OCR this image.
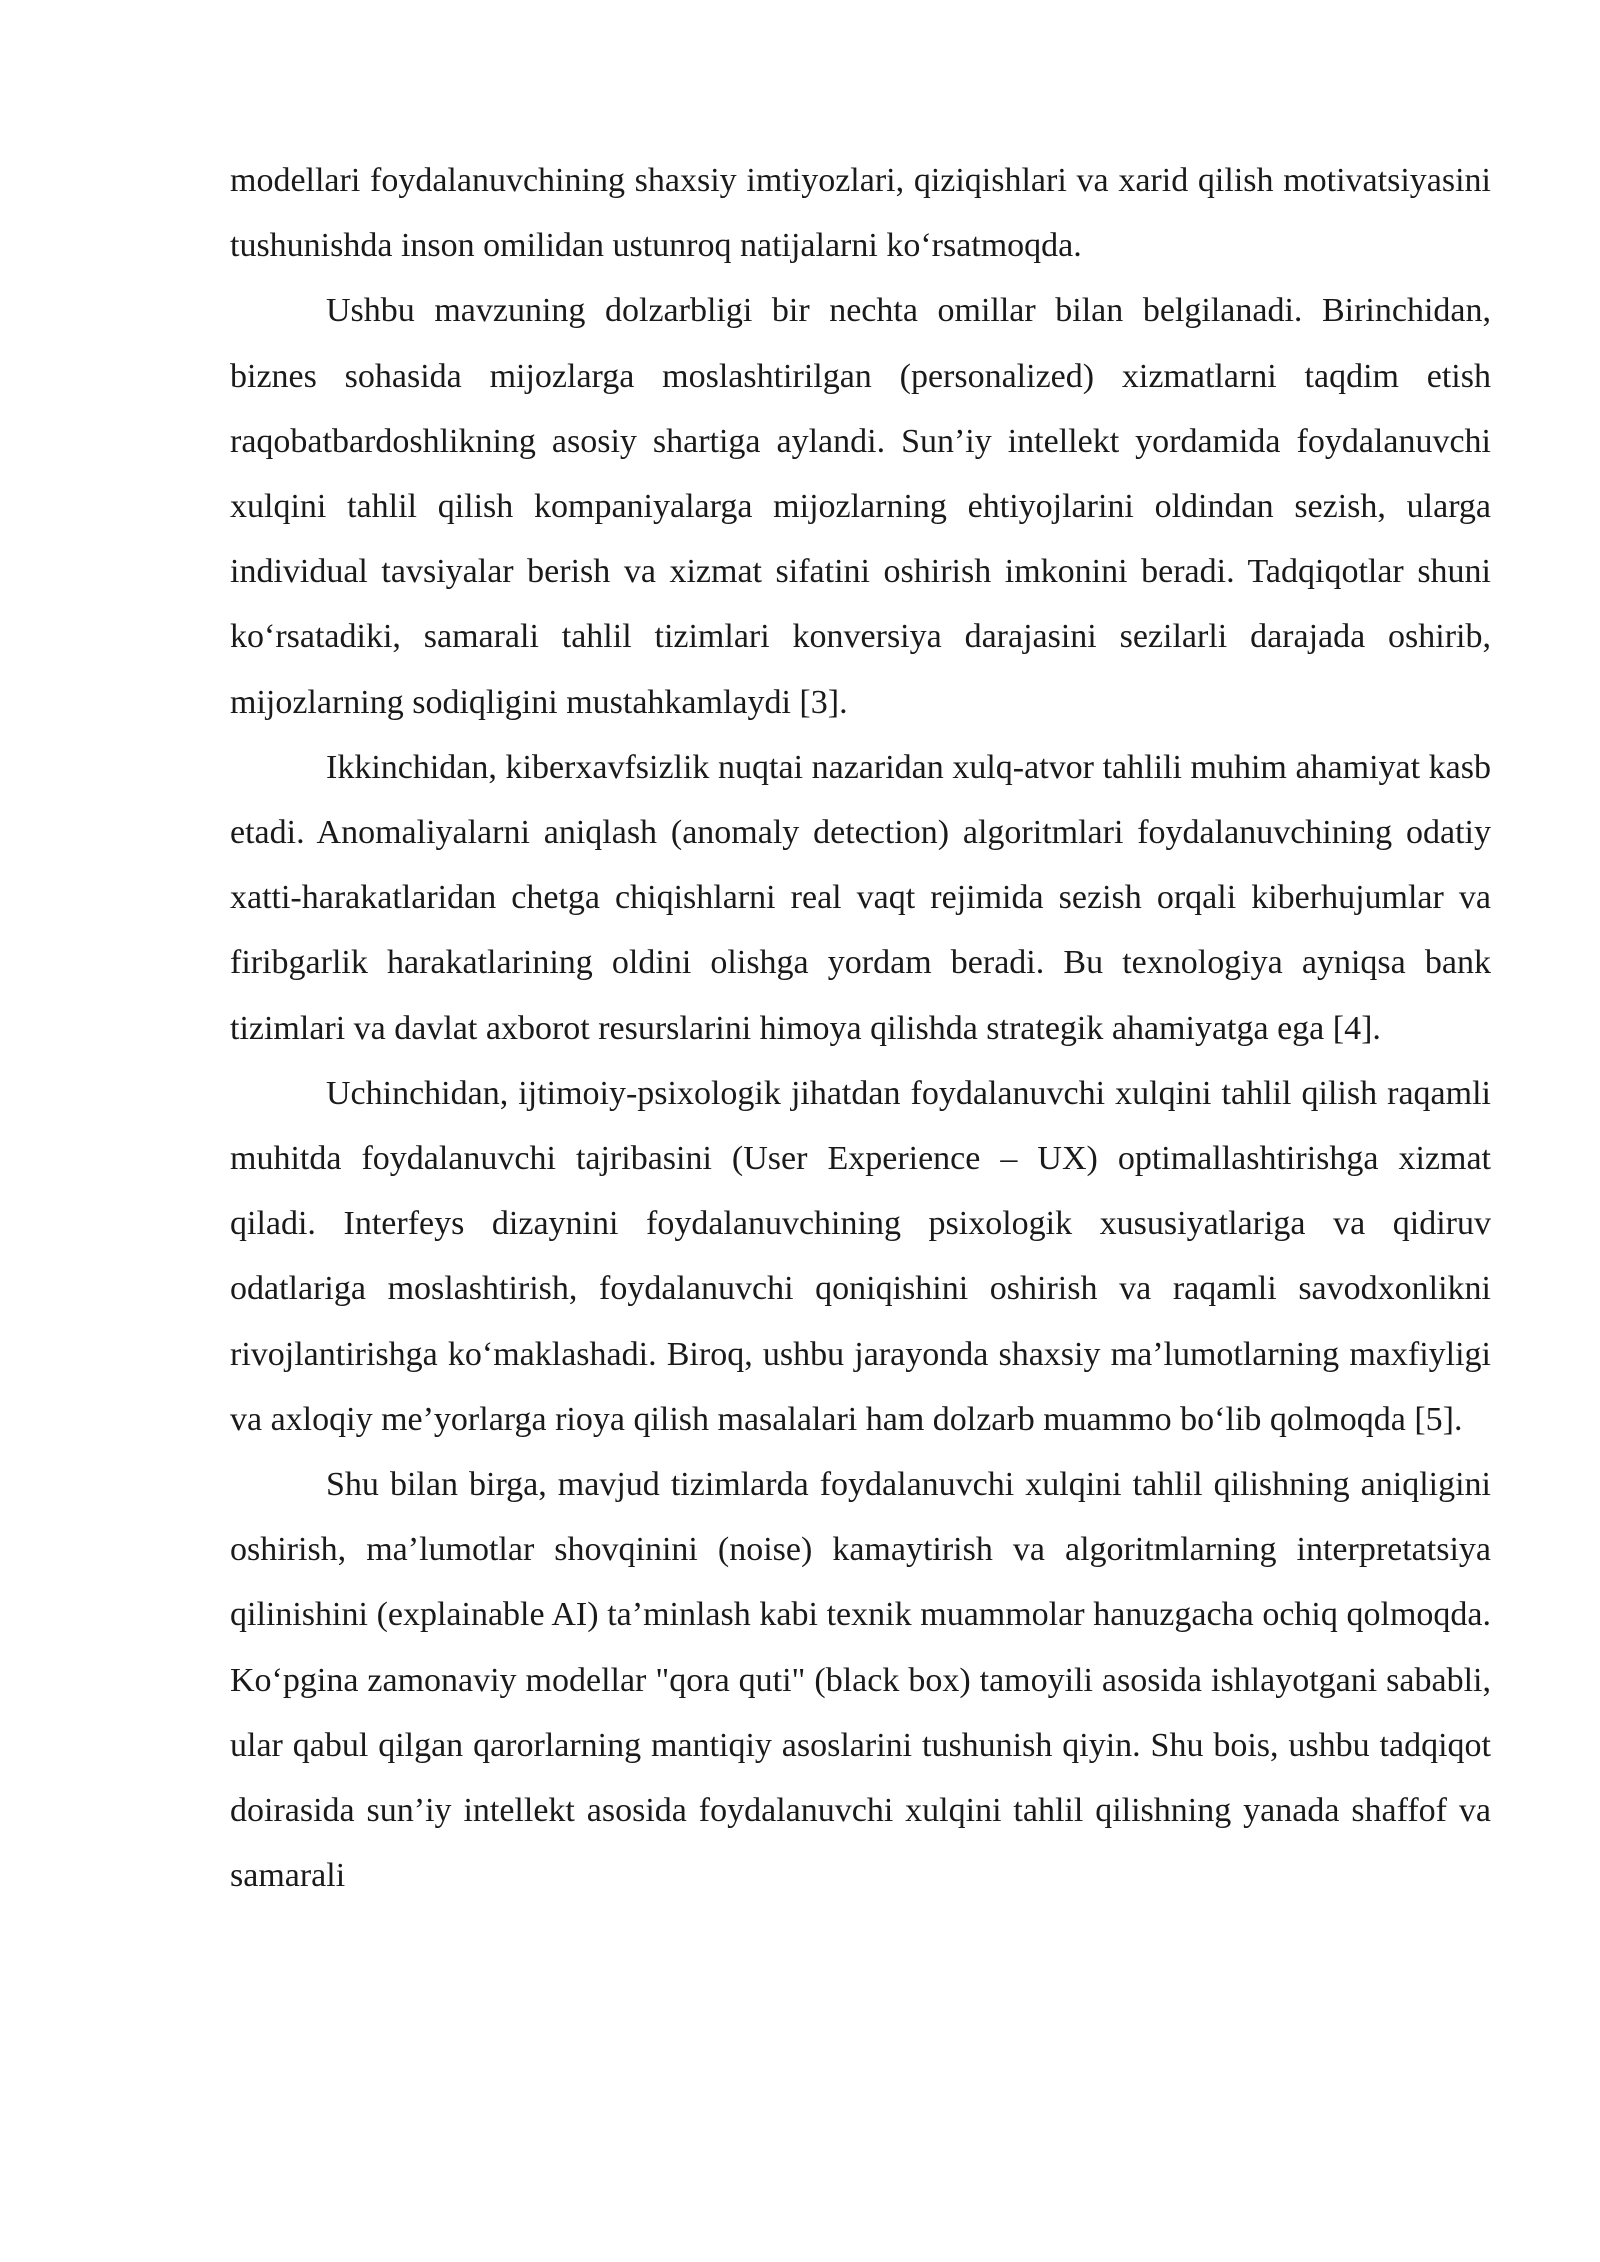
modellari foydalanuvchining shaxsiy imtiyozlari, qiziqishlari va xarid qilish motivatsiyasini tushunishda inson omilidan ustunroq natijalarni ko‘rsatmoqda.

Ushbu mavzuning dolzarbligi bir nechta omillar bilan belgilanadi. Birinchidan, biznes sohasida mijozlarga moslashtirilgan (personalized) xizmatlarni taqdim etish raqobatbardoshlikning asosiy shartiga aylandi. Sun’iy intellekt yordamida foydalanuvchi xulqini tahlil qilish kompaniyalarga mijozlarning ehtiyojlarini oldindan sezish, ularga individual tavsiyalar berish va xizmat sifatini oshirish imkonini beradi. Tadqiqotlar shuni ko‘rsatadiki, samarali tahlil tizimlari konversiya darajasini sezilarli darajada oshirib, mijozlarning sodiqligini mustahkamlaydi [3].

Ikkinchidan, kiberxavfsizlik nuqtai nazaridan xulq-atvor tahlili muhim ahamiyat kasb etadi. Anomaliyalarni aniqlash (anomaly detection) algoritmlari foydalanuvchining odatiy xatti-harakatlaridan chetga chiqishlarni real vaqt rejimida sezish orqali kiberhujumlar va firibgarlik harakatlarining oldini olishga yordam beradi. Bu texnologiya ayniqsa bank tizimlari va davlat axborot resurslarini himoya qilishda strategik ahamiyatga ega [4].

Uchinchidan, ijtimoiy-psixologik jihatdan foydalanuvchi xulqini tahlil qilish raqamli muhitda foydalanuvchi tajribasini (User Experience – UX) optimallashtirishga xizmat qiladi. Interfeys dizaynini foydalanuvchining psixologik xususiyatlariga va qidiruv odatlariga moslashtirish, foydalanuvchi qoniqishini oshirish va raqamli savodxonlikni rivojlantirishga ko‘maklashadi. Biroq, ushbu jarayonda shaxsiy ma’lumotlarning maxfiyligi va axloqiy me’yorlarga rioya qilish masalalari ham dolzarb muammo bo‘lib qolmoqda [5].

Shu bilan birga, mavjud tizimlarda foydalanuvchi xulqini tahlil qilishning aniqligini oshirish, ma’lumotlar shovqinini (noise) kamaytirish va algoritmlarning interpretatsiya qilinishini (explainable AI) ta’minlash kabi texnik muammolar hanuzgacha ochiq qolmoqda. Ko‘pgina zamonaviy modellar "qora quti" (black box) tamoyili asosida ishlayotgani sababli, ular qabul qilgan qarorlarning mantiqiy asoslarini tushunish qiyin. Shu bois, ushbu tadqiqot doirasida sun’iy intellekt asosida foydalanuvchi xulqini tahlil qilishning yanada shaffof va samarali
